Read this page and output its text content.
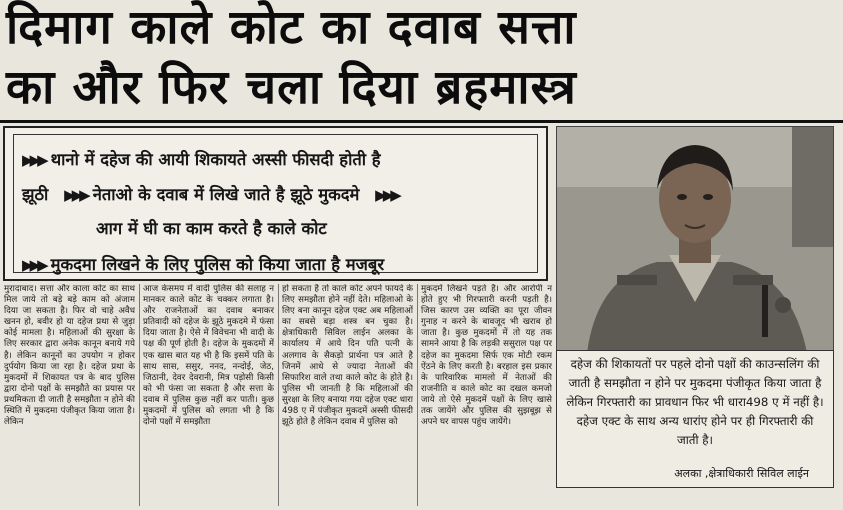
दिमाग काले कोट का दवाब सत्ता
का और फिर चला दिया ब्रहमास्त्र
▶▶▶ थानो में दहेज की आयी शिकायते अस्सी फीसदी होती है
झूठी ▶▶▶ नेताओ के दवाब में लिखे जाते है झूठे मुकदमे ▶▶▶
आग में घी का काम करते है काले कोट
▶▶▶ मुकदमा लिखने के लिए पुलिस को किया जाता है मजबूर

दहेज की शिकायतों पर पहले दोनो पक्षों की काउन्सलिंग की जाती है समझौता न होने पर मुकदमा पंजीकृत किया जाता है लेकिन गिरफ्तारी का प्रावधान फिर भी धारा498 ए में नहीं है। दहेज एक्ट के साथ अन्य धारांए होने पर ही गिरफ्तारी की जाती है।

अलका ,क्षेत्राधिकारी सिविल लाईन
मुरादाबाद। सत्ता और काला कोट का साथ मिल जाये तो बड़े बड़े काम को अंजाम दिया जा सकता है। फिर वो चाहे अवैध खनन हो, बवीर हो या दहेज प्रथा से जुड़ा कोई मामला है। महिलाओं की सुरक्षा के लिए सरकार द्वारा अनेक कानून बनाये गये है। लेकिन कानूनों का उपयोग न होकर दुर्पयोग किया जा रहा है। दहेज प्रथा के मुकदमों में शिकायत पत्र के बाद पुलिस द्वारा दोनो पक्षों के समझौते का प्रयास पर प्रथमिकता दी जाती है समझौता न होने की स्थिति में मुकदमा पंजीकृत किया जाता है। लेकिन
आज केसमय में वादी पुलिस की सलाह न मानकर काले कोट के चक्कर लगाता है। और राजनेताओं का दवाब बनाकर प्रतिवादी को दहेज के झूठे मुकदमे में फंसा दिया जाता है। ऐसे में विवेचना भी वादी के पक्ष की पूर्ण होती है। दहेज के मुकदमों में एक खास बात यह भी है कि इसमें पति के साथ सास, ससुर, ननद, नन्दोई, जेठ, जिठानी, देवर देवरानी, मित्र पड़ोसी किसी को भी फंसा जा सकता है और सत्ता के दवाब में पुलिस कुछ नहीं कर पाती। कुछ मुकदमों में पुलिस को लगता भी है कि दोनो पक्षों में समझौता
हो सकता है तो काले कोट अपने फायदे के लिए समझौता होने नहीं देते। महिलाओ के लिए बना कानून दहेज एक्ट अब महिलाओं का सबसे बड़ा शस्त्र बन चुका है। क्षेत्राधिकारी सिविल लाईन अलका के कार्यालय में आये दिन पति पत्नी के अलगाव के सैकड़ो प्रार्थना पत्र आते है जिनमें आधे से ज्यादा नेताओं की सिफारिश वाले तथा काले कोट के होते है। पुलिस भी जानती है कि महिलाओं की सुरक्षा के लिए बनाया गया दहेज एक्ट धारा 498 ए में पंजीकृत मुकदमें अस्सी फीसदी झूठे होते है लेकिन दवाब में पुलिस को
मुकदमें लिखने पड़ते है। और आरोपी न होते हुए भी गिरफ्तारी करनी पड़ती है। जिस कारण उस व्यक्ति का पूरा जीवन गुनाह न करने के बावजूद भी खराब हो जाता है। कुछ मुकदमों में तो यह तक सामने आया है कि लड़की ससुराल पक्ष पर दहेज का मुकदमा सिर्फ एक मोटी रकम ऐंठने के लिए करती है। बरहाल इस प्रकार के पारिवारिक मामलो में नेताओं की राजनीति व काले कोट का दखल कमजो जाये तो ऐसे मुकदमें पक्षों के लिए खासे तक जायेंगे और पुलिस की सुझबूझ से अपने घर वापस पहुंच जायेंगे।
